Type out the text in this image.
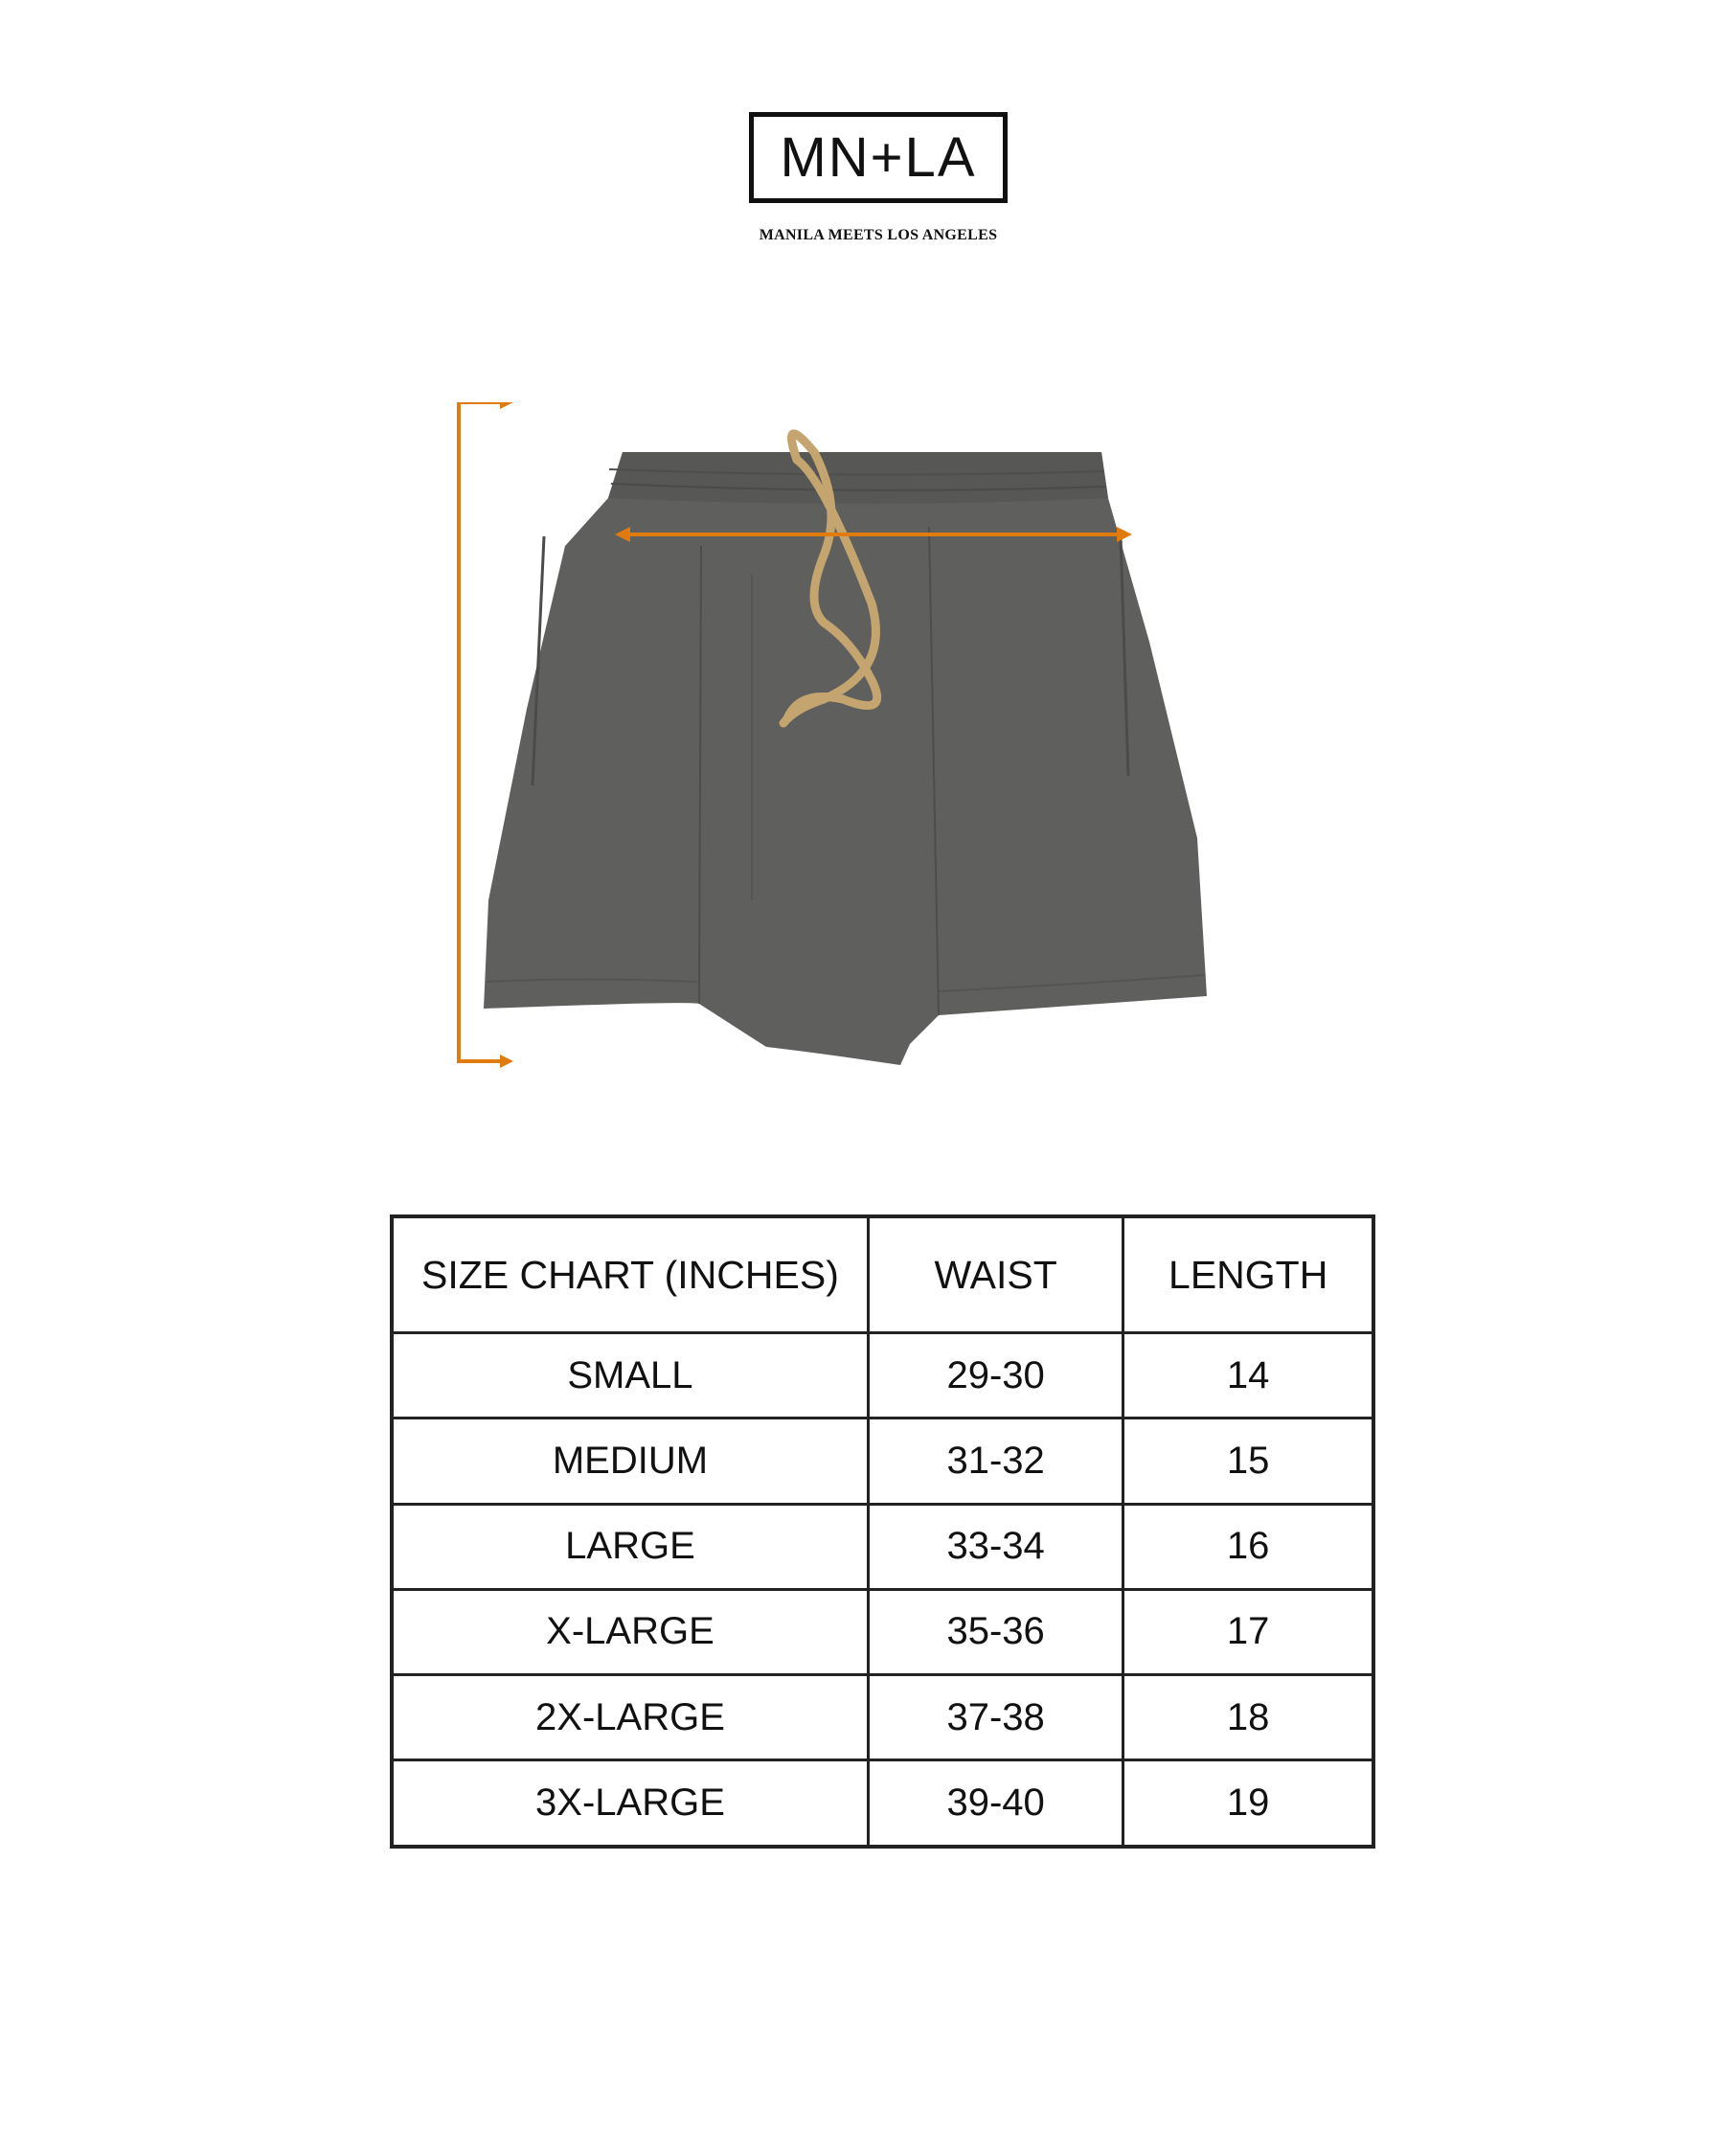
MN+LA
MANILA MEETS LOS ANGELES
SIZE CHART (INCHES)	WAIST	LENGTH
SMALL	29-30	14
MEDIUM	31-32	15
LARGE	33-34	16
X-LARGE	35-36	17
2X-LARGE	37-38	18
3X-LARGE	39-40	19
